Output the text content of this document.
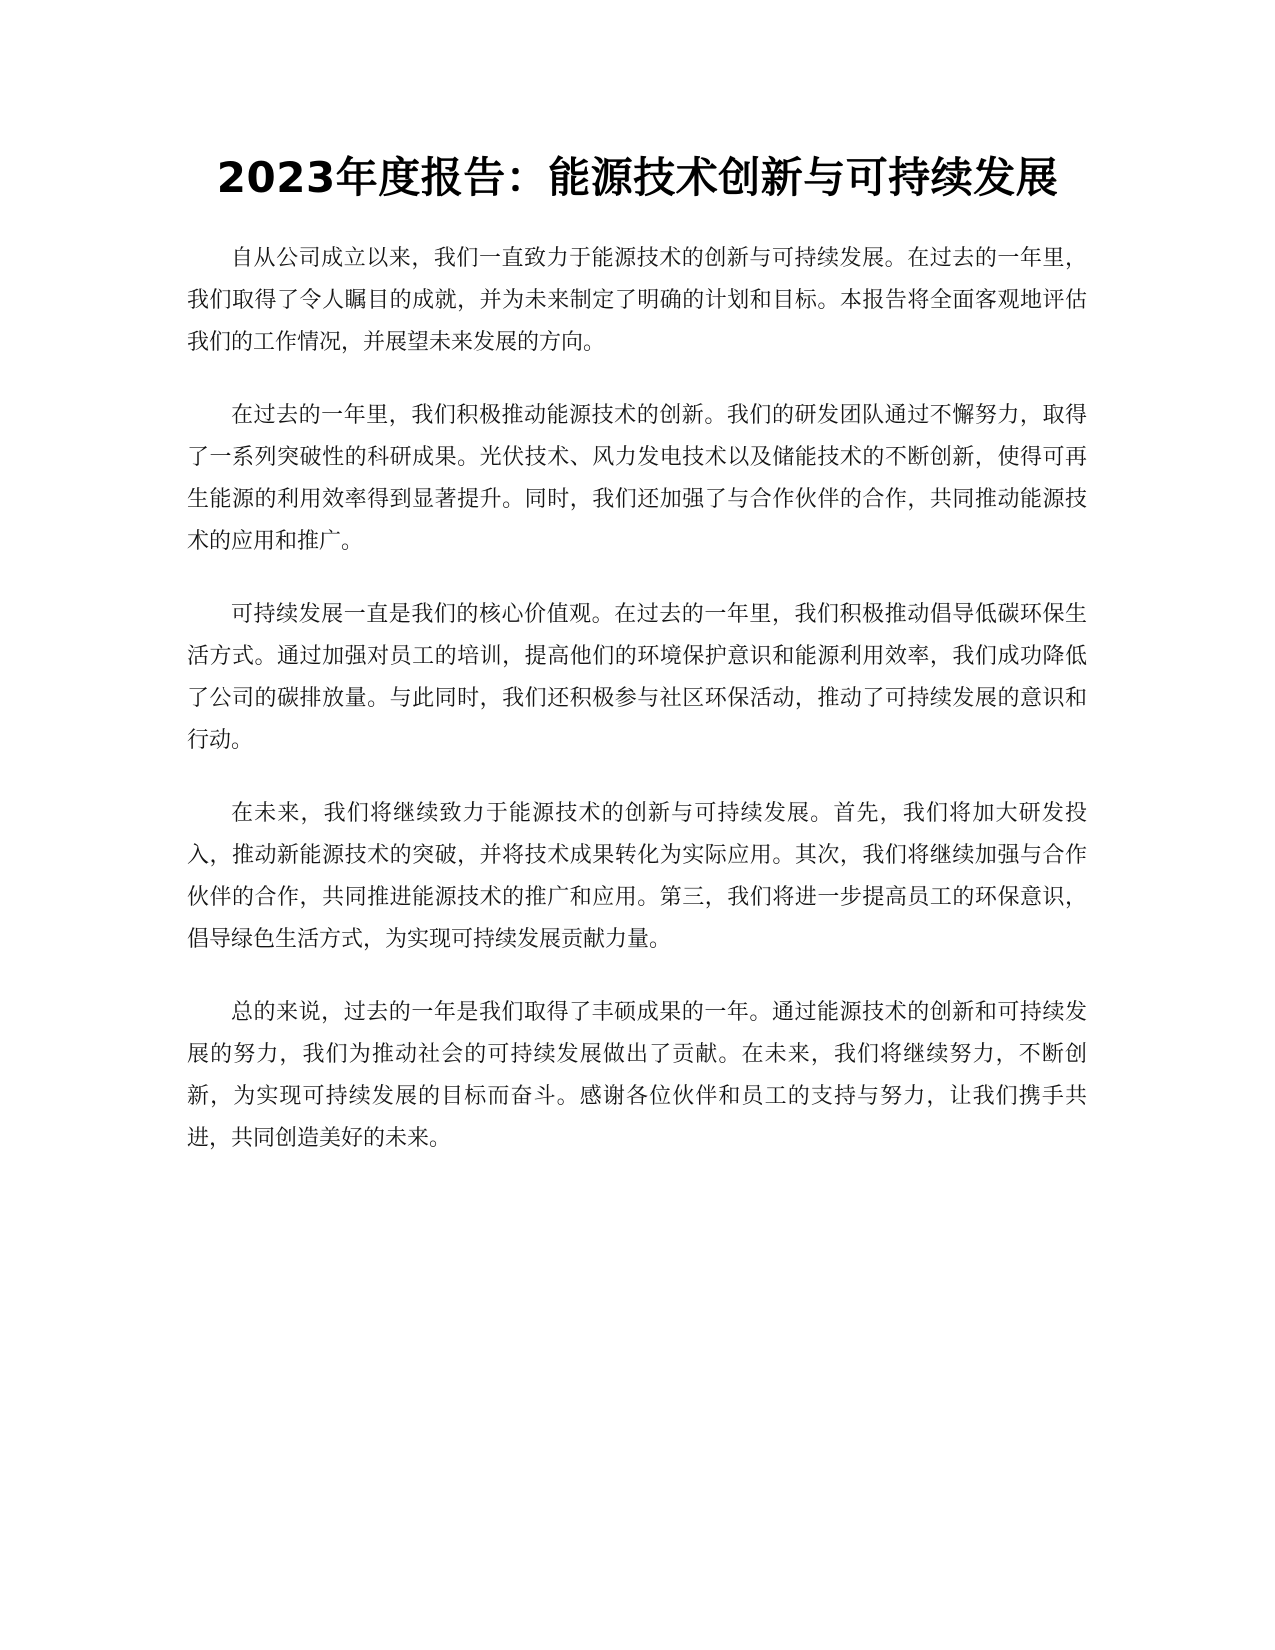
2023年度报告：能源技术创新与可持续发展

自从公司成立以来，我们一直致力于能源技术的创新与可持续发展。在过去的一年里，我们取得了令人瞩目的成就，并为未来制定了明确的计划和目标。本报告将全面客观地评估我们的工作情况，并展望未来发展的方向。

在过去的一年里，我们积极推动能源技术的创新。我们的研发团队通过不懈努力，取得了一系列突破性的科研成果。光伏技术、风力发电技术以及储能技术的不断创新，使得可再生能源的利用效率得到显著提升。同时，我们还加强了与合作伙伴的合作，共同推动能源技术的应用和推广。

可持续发展一直是我们的核心价值观。在过去的一年里，我们积极推动倡导低碳环保生活方式。通过加强对员工的培训，提高他们的环境保护意识和能源利用效率，我们成功降低了公司的碳排放量。与此同时，我们还积极参与社区环保活动，推动了可持续发展的意识和行动。

在未来，我们将继续致力于能源技术的创新与可持续发展。首先，我们将加大研发投入，推动新能源技术的突破，并将技术成果转化为实际应用。其次，我们将继续加强与合作伙伴的合作，共同推进能源技术的推广和应用。第三，我们将进一步提高员工的环保意识，倡导绿色生活方式，为实现可持续发展贡献力量。

总的来说，过去的一年是我们取得了丰硕成果的一年。通过能源技术的创新和可持续发展的努力，我们为推动社会的可持续发展做出了贡献。在未来，我们将继续努力，不断创新，为实现可持续发展的目标而奋斗。感谢各位伙伴和员工的支持与努力，让我们携手共进，共同创造美好的未来。
